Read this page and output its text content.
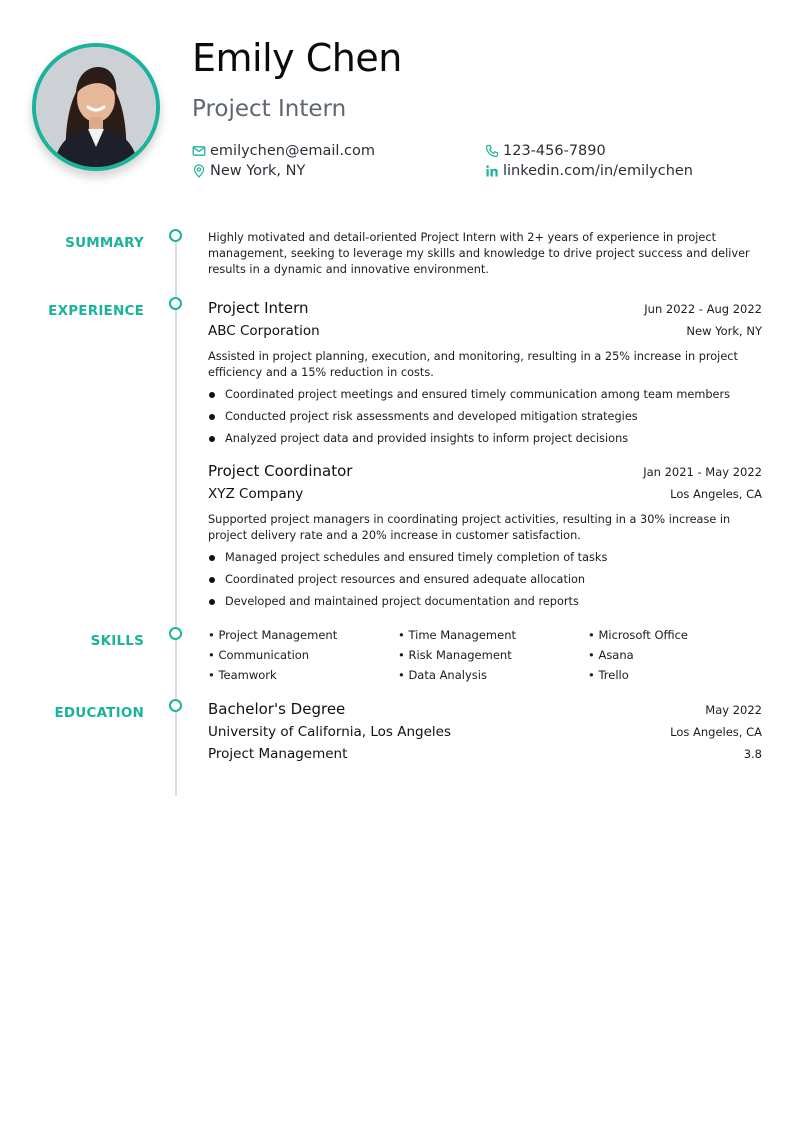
Emily Chen
Project Intern
emilychen@email.com	123-456-7890
New York, NY	linkedin.com/in/emilychen
SUMMARY
EXPERIENCE
SKILLS
EDUCATION
Highly motivated and detail-oriented Project Intern with 2+ years of experience in project management, seeking to leverage my skills and knowledge to drive project success and deliver results in a dynamic and innovative environment.
Project Intern	Jun 2022 - Aug 2022
ABC Corporation	New York, NY
Assisted in project planning, execution, and monitoring, resulting in a 25% increase in project efficiency and a 15% reduction in costs.
Coordinated project meetings and ensured timely communication among team members
Conducted project risk assessments and developed mitigation strategies
Analyzed project data and provided insights to inform project decisions
Project Coordinator	Jan 2021 - May 2022
XYZ Company	Los Angeles, CA
Supported project managers in coordinating project activities, resulting in a 30% increase in project delivery rate and a 20% increase in customer satisfaction.
Managed project schedules and ensured timely completion of tasks
Coordinated project resources and ensured adequate allocation
Developed and maintained project documentation and reports
• Project Management	• Time Management	• Microsoft Office
• Communication	• Risk Management	• Asana
• Teamwork	• Data Analysis	• Trello
Bachelor's Degree	May 2022
University of California, Los Angeles	Los Angeles, CA
Project Management	3.8
